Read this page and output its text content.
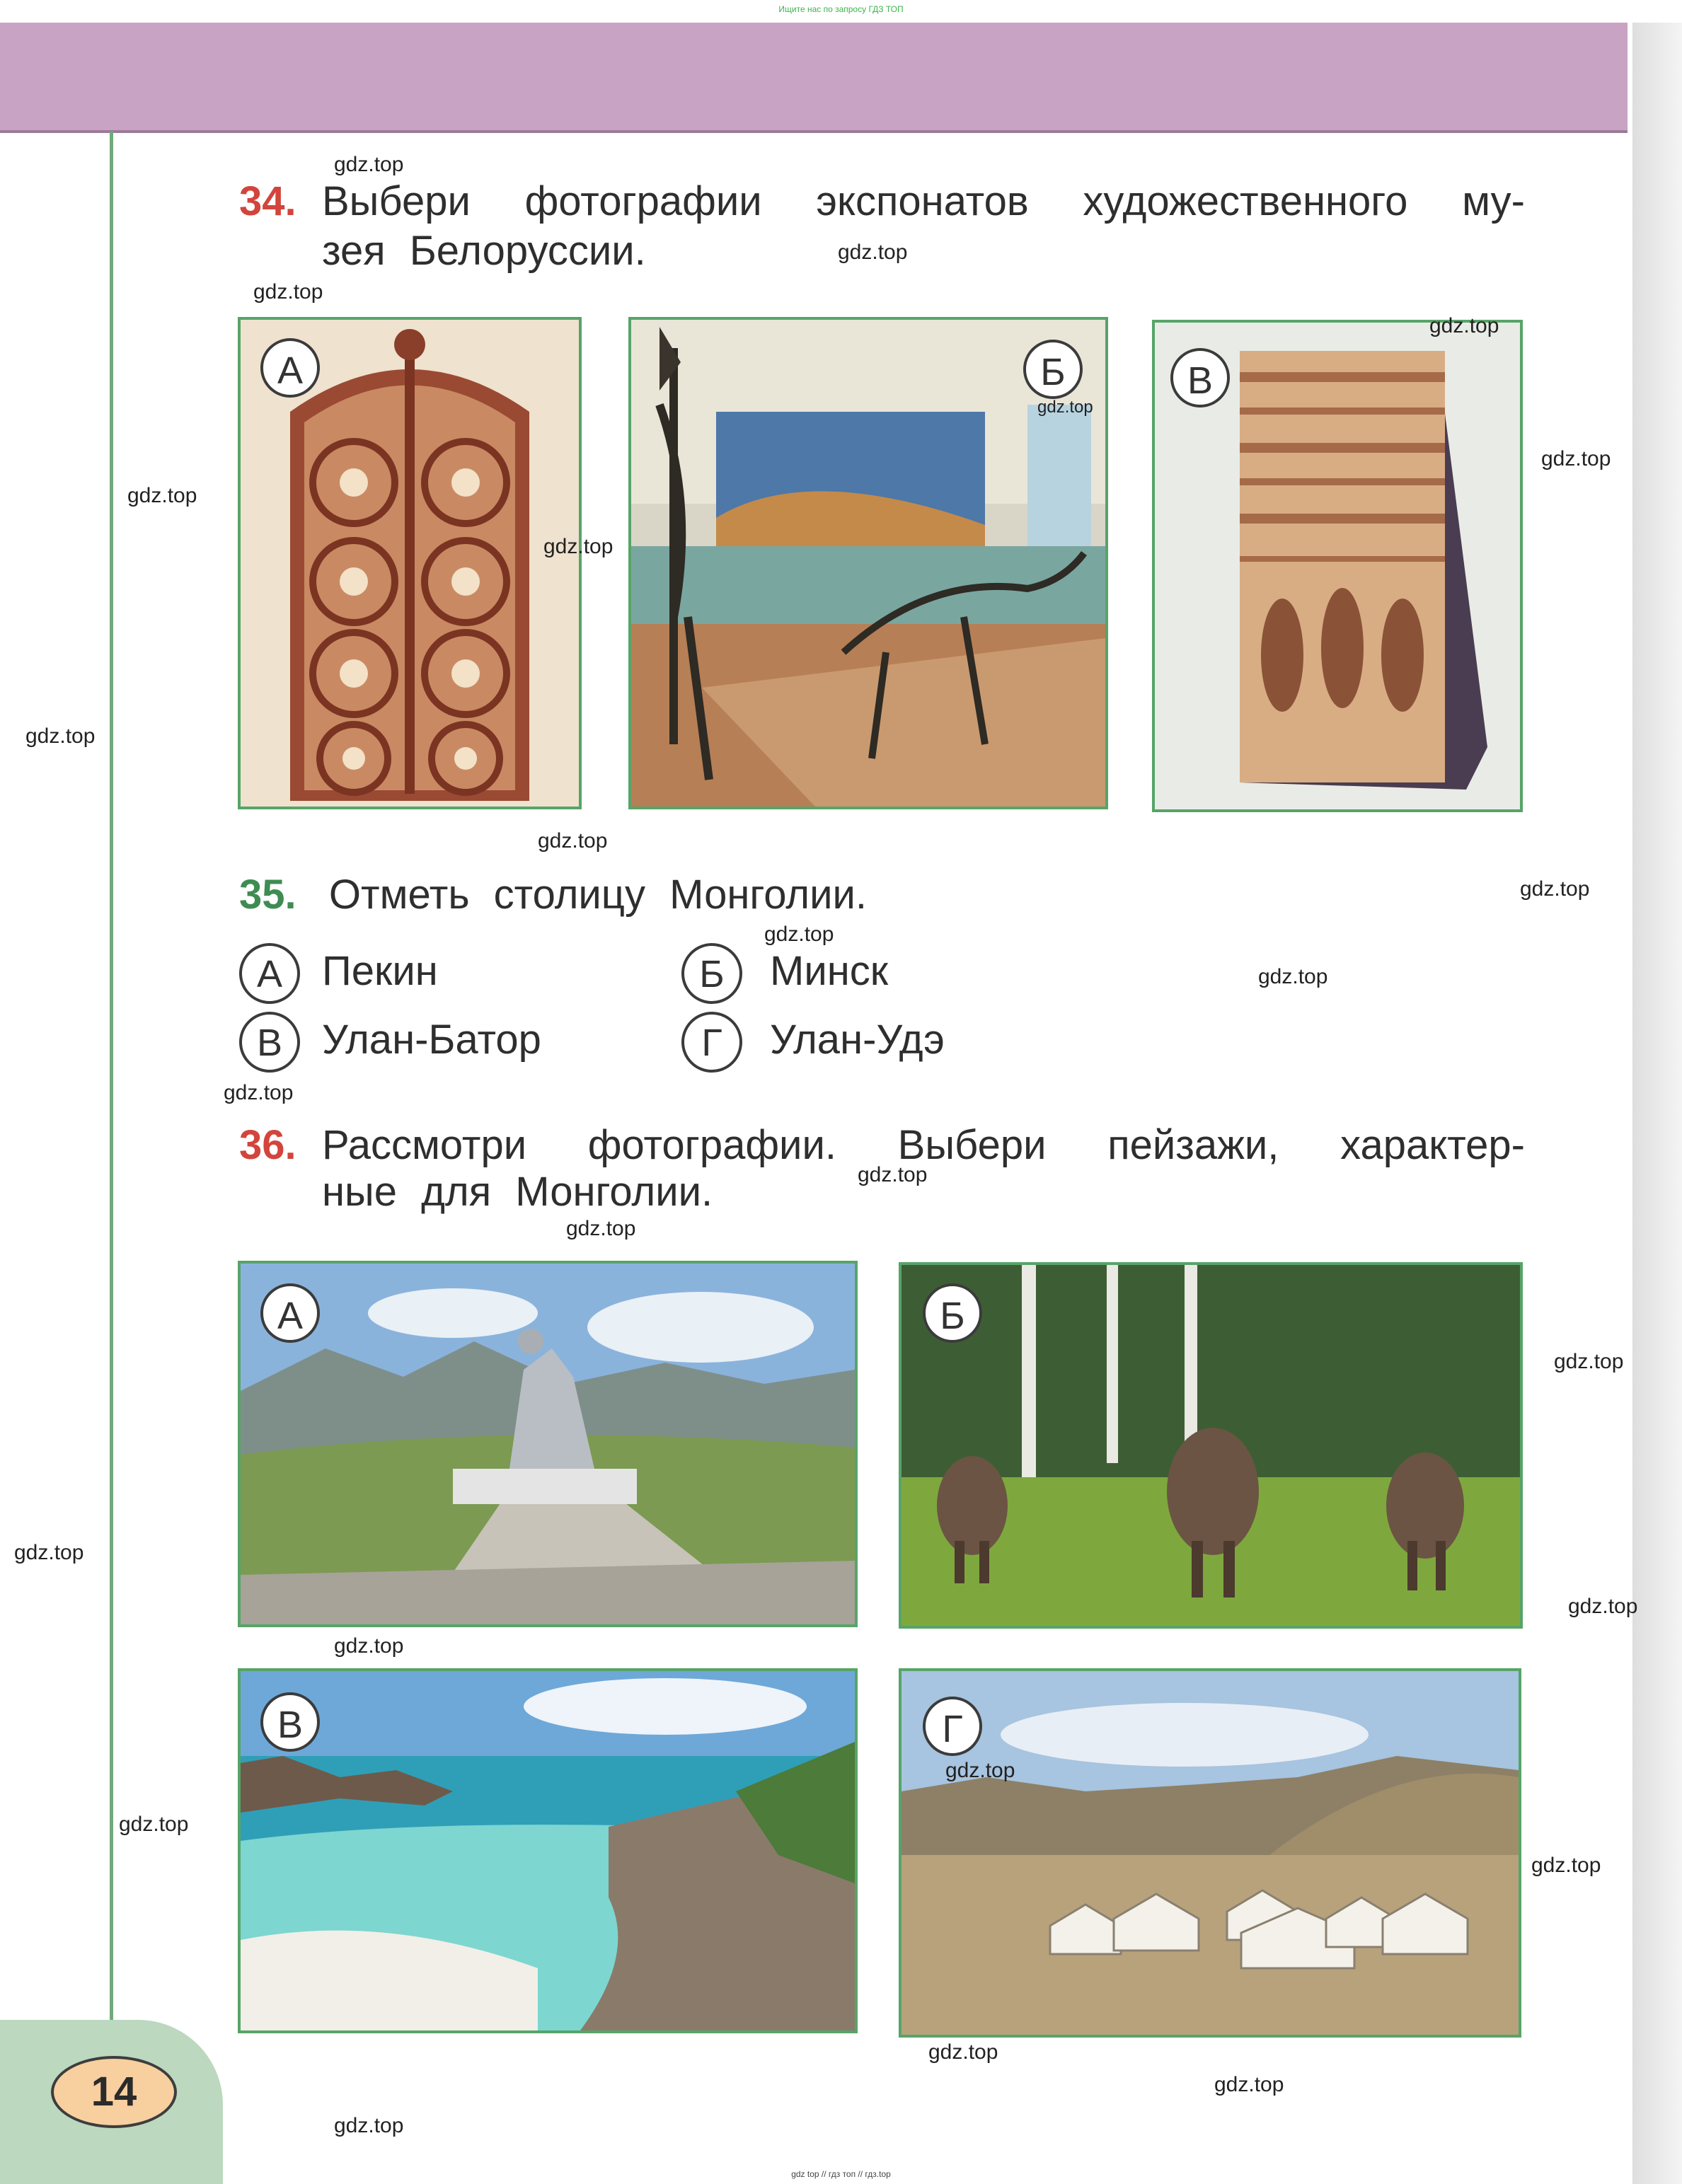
Ищите нас по запросу ГДЗ ТОП
34. Выбери фотографии экспонатов художественного му-
зея Белоруссии.
А	Б	В
35. Отметь столицу Монголии.
А Пекин	Б	Минск
В Улан-Батор	Г	Улан-Удэ
36. Рассмотри фотографии. Выбери пейзажи, характер-
ные для Монголии.
А	Б
В	Г
14
gdz.top
gdz.top
gdz.top
gdz.top
gdz.top
gdz.top
gdz.top
gdz.top
gdz.top
gdz.top
gdz.top
gdz.top
gdz.top
gdz.top
gdz.top
gdz.top
gdz.top
gdz.top
gdz.top
gdz.top
gdz.top
gdz.top
gdz.top
gdz.top
gdz.top
gdz.top
gdz top // гдз топ // гдз.top
